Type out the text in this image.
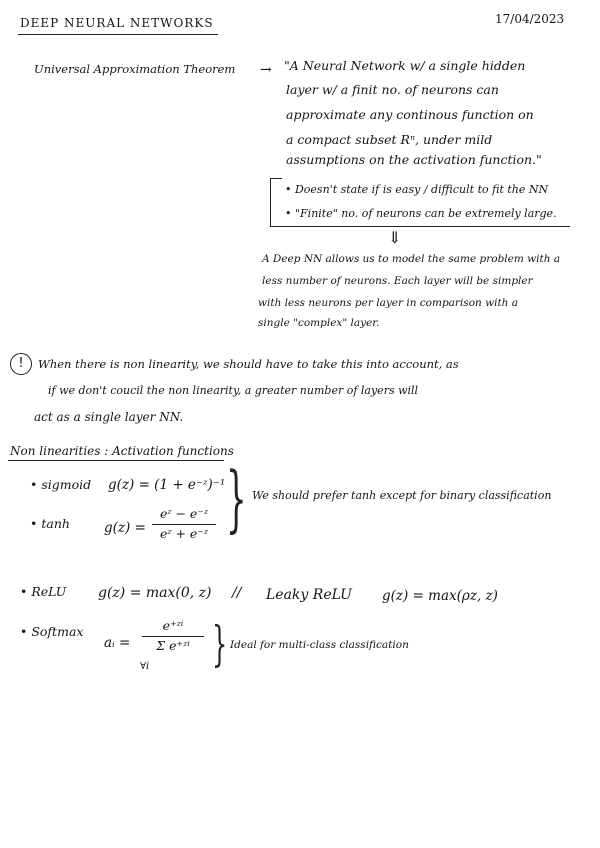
DEEP NEURAL NETWORKS	17/04/2023
Universal Approximation Theorem → "A Neural Network w/ a single hidden
layer w/ a finit no. of neurons can
approximate any continous function on
a compact subset Rⁿ, under mild
assumptions on the activation function."
• Doesn't state if is easy / difficult to fit the NN
• "Finite" no. of neurons can be extremely large.
⇓
A Deep NN allows us to model the same problem with a
less number of neurons. Each layer will be simpler
with less neurons per layer in comparison with a
single "complex" layer.
!	When there is non linearity, we should have to take this into account, as
if we don't coucil the non linearity, a greater number of layers will
act as a single layer NN.
Non linearities : Activation functions
• sigmoid g(z) = (1 + e⁻ᶻ)⁻¹
• tanh	g(z) =
eᶻ − e⁻ᶻ
eᶻ + e⁻ᶻ } We should prefer tanh except for binary classification
• ReLU g(z) = max(0, z) // Leaky ReLU g(z) = max(ρz, z)
• Softmax
aᵢ =
e⁺ᶻⁱ
Σ e⁺ᶻⁱ
∀i } Ideal for multi-class classification
